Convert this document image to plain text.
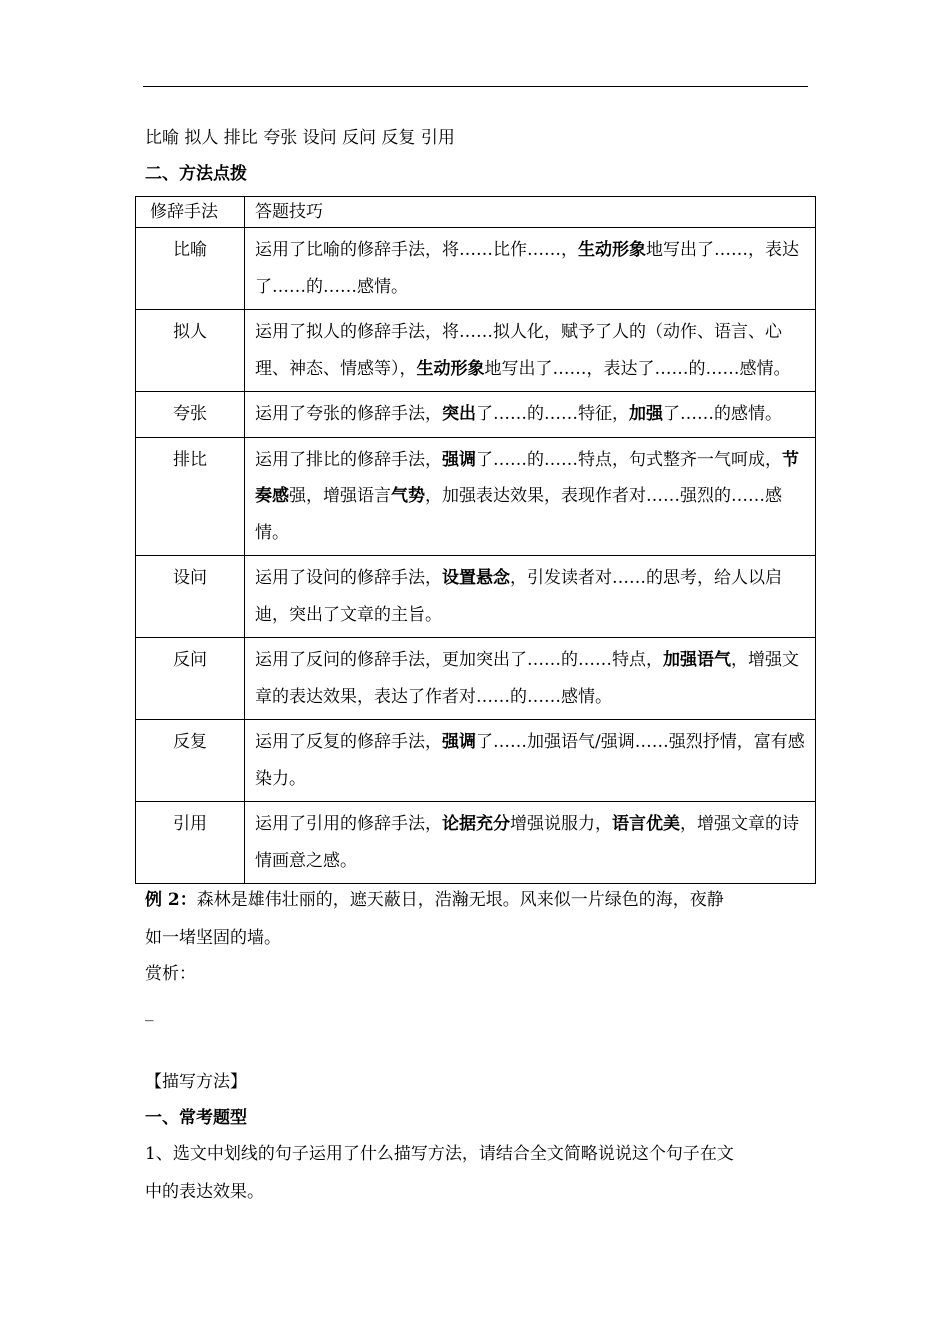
比喻 拟人 排比 夸张 设问 反问 反复 引用
二、方法点拨
修辞手法	答题技巧
比喻	运用了比喻的修辞手法，将……比作……，生动形象地写出了……，表达了……的……感情。
拟人	运用了拟人的修辞手法，将……拟人化，赋予了人的（动作、语言、心理、神态、情感等），生动形象地写出了……，表达了……的……感情。
夸张	运用了夸张的修辞手法，突出了……的……特征，加强了……的感情。
排比	运用了排比的修辞手法，强调了……的……特点，句式整齐一气呵成，节奏感强，增强语言气势，加强表达效果，表现作者对……强烈的……感情。
设问	运用了设问的修辞手法，设置悬念，引发读者对……的思考，给人以启迪，突出了文章的主旨。
反问	运用了反问的修辞手法，更加突出了……的……特点，加强语气，增强文章的表达效果，表达了作者对……的……感情。
反复	运用了反复的修辞手法，强调了……加强语气/强调……强烈抒情，富有感染力。
引用	运用了引用的修辞手法，论据充分增强说服力，语言优美，增强文章的诗情画意之感。
例 2：森林是雄伟壮丽的，遮天蔽日，浩瀚无垠。风来似一片绿色的海，夜静
如一堵坚固的墙。
赏析：
_
【描写方法】
一、常考题型
1、选文中划线的句子运用了什么描写方法，请结合全文简略说说这个句子在文
中的表达效果。
